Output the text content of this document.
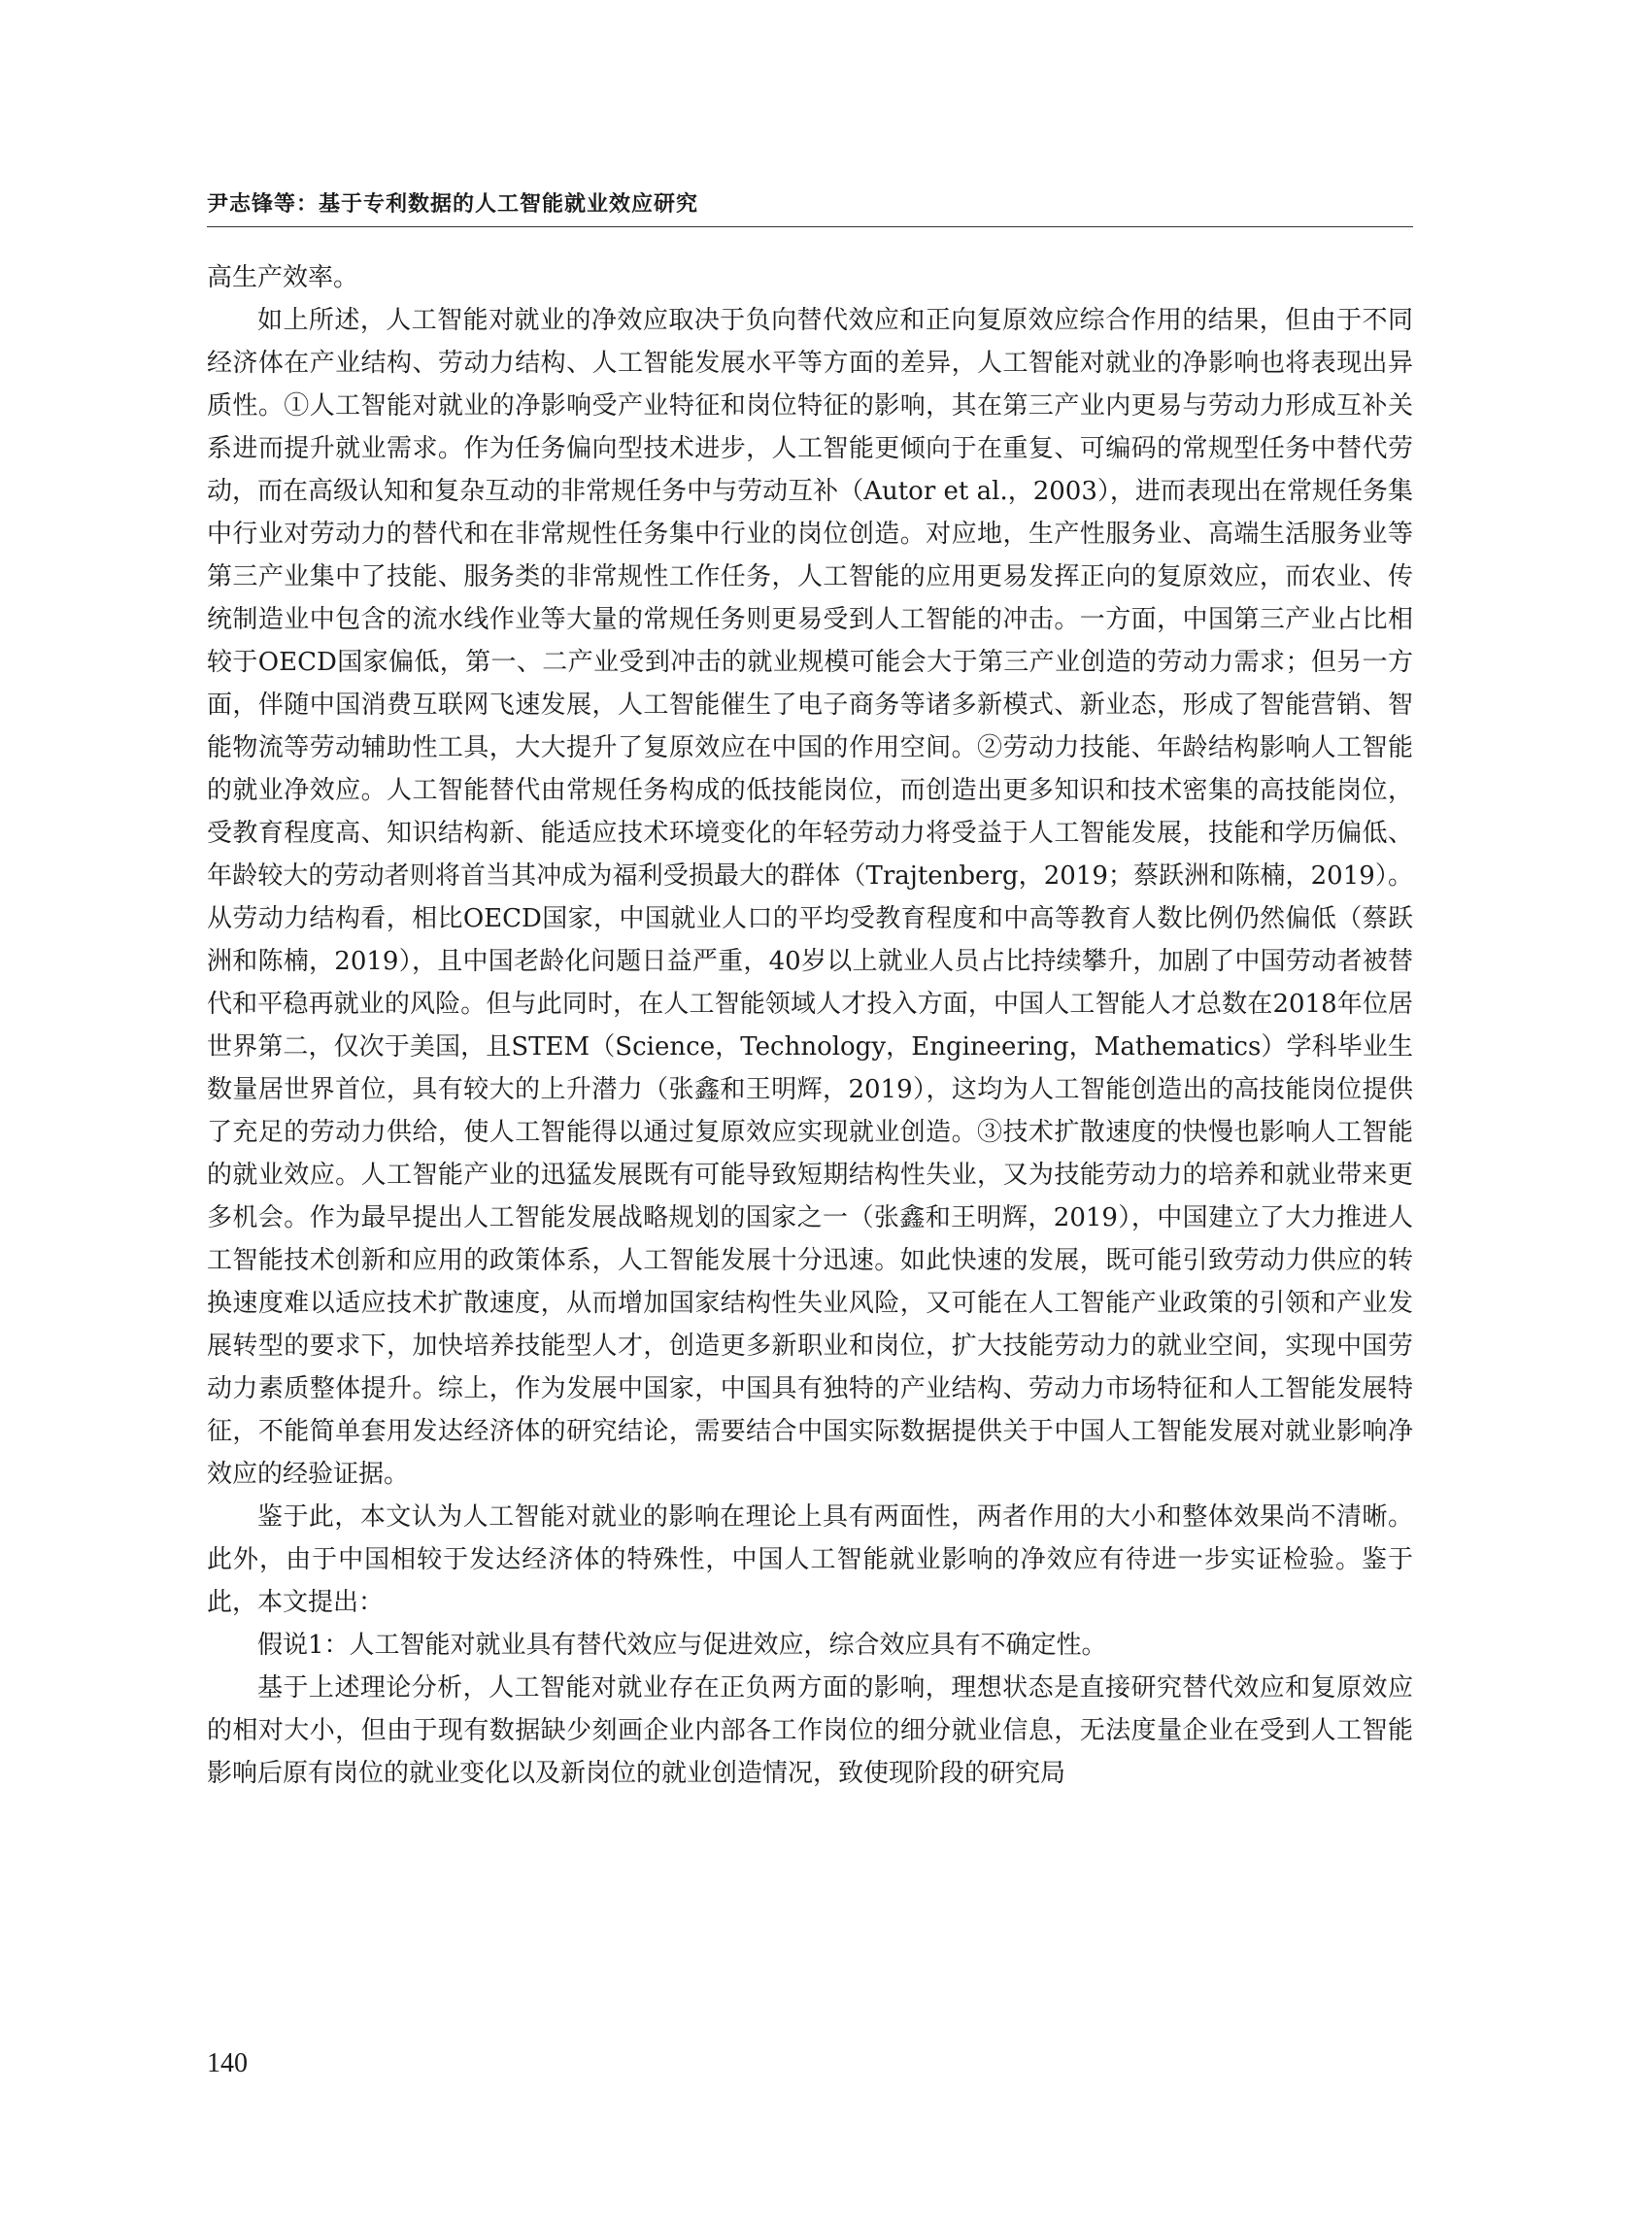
尹志锋等：基于专利数据的人工智能就业效应研究

高生产效率。

如上所述，人工智能对就业的净效应取决于负向替代效应和正向复原效应综合作用的结果，但由于不同经济体在产业结构、劳动力结构、人工智能发展水平等方面的差异，人工智能对就业的净影响也将表现出异质性。①人工智能对就业的净影响受产业特征和岗位特征的影响，其在第三产业内更易与劳动力形成互补关系进而提升就业需求。作为任务偏向型技术进步，人工智能更倾向于在重复、可编码的常规型任务中替代劳动，而在高级认知和复杂互动的非常规任务中与劳动互补（Autor et al.，2003），进而表现出在常规任务集中行业对劳动力的替代和在非常规性任务集中行业的岗位创造。对应地，生产性服务业、高端生活服务业等第三产业集中了技能、服务类的非常规性工作任务，人工智能的应用更易发挥正向的复原效应，而农业、传统制造业中包含的流水线作业等大量的常规任务则更易受到人工智能的冲击。一方面，中国第三产业占比相较于OECD国家偏低，第一、二产业受到冲击的就业规模可能会大于第三产业创造的劳动力需求；但另一方面，伴随中国消费互联网飞速发展，人工智能催生了电子商务等诸多新模式、新业态，形成了智能营销、智能物流等劳动辅助性工具，大大提升了复原效应在中国的作用空间。②劳动力技能、年龄结构影响人工智能的就业净效应。人工智能替代由常规任务构成的低技能岗位，而创造出更多知识和技术密集的高技能岗位，受教育程度高、知识结构新、能适应技术环境变化的年轻劳动力将受益于人工智能发展，技能和学历偏低、年龄较大的劳动者则将首当其冲成为福利受损最大的群体（Trajtenberg，2019；蔡跃洲和陈楠，2019）。从劳动力结构看，相比OECD国家，中国就业人口的平均受教育程度和中高等教育人数比例仍然偏低（蔡跃洲和陈楠，2019），且中国老龄化问题日益严重，40岁以上就业人员占比持续攀升，加剧了中国劳动者被替代和平稳再就业的风险。但与此同时，在人工智能领域人才投入方面，中国人工智能人才总数在2018年位居世界第二，仅次于美国，且STEM（Science，Technology，Engineering，Mathematics）学科毕业生数量居世界首位，具有较大的上升潜力（张鑫和王明辉，2019），这均为人工智能创造出的高技能岗位提供了充足的劳动力供给，使人工智能得以通过复原效应实现就业创造。③技术扩散速度的快慢也影响人工智能的就业效应。人工智能产业的迅猛发展既有可能导致短期结构性失业，又为技能劳动力的培养和就业带来更多机会。作为最早提出人工智能发展战略规划的国家之一（张鑫和王明辉，2019），中国建立了大力推进人工智能技术创新和应用的政策体系，人工智能发展十分迅速。如此快速的发展，既可能引致劳动力供应的转换速度难以适应技术扩散速度，从而增加国家结构性失业风险，又可能在人工智能产业政策的引领和产业发展转型的要求下，加快培养技能型人才，创造更多新职业和岗位，扩大技能劳动力的就业空间，实现中国劳动力素质整体提升。综上，作为发展中国家，中国具有独特的产业结构、劳动力市场特征和人工智能发展特征，不能简单套用发达经济体的研究结论，需要结合中国实际数据提供关于中国人工智能发展对就业影响净效应的经验证据。

鉴于此，本文认为人工智能对就业的影响在理论上具有两面性，两者作用的大小和整体效果尚不清晰。此外，由于中国相较于发达经济体的特殊性，中国人工智能就业影响的净效应有待进一步实证检验。鉴于此，本文提出：

假说1：人工智能对就业具有替代效应与促进效应，综合效应具有不确定性。

基于上述理论分析，人工智能对就业存在正负两方面的影响，理想状态是直接研究替代效应和复原效应的相对大小，但由于现有数据缺少刻画企业内部各工作岗位的细分就业信息，无法度量企业在受到人工智能影响后原有岗位的就业变化以及新岗位的就业创造情况，致使现阶段的研究局

140
